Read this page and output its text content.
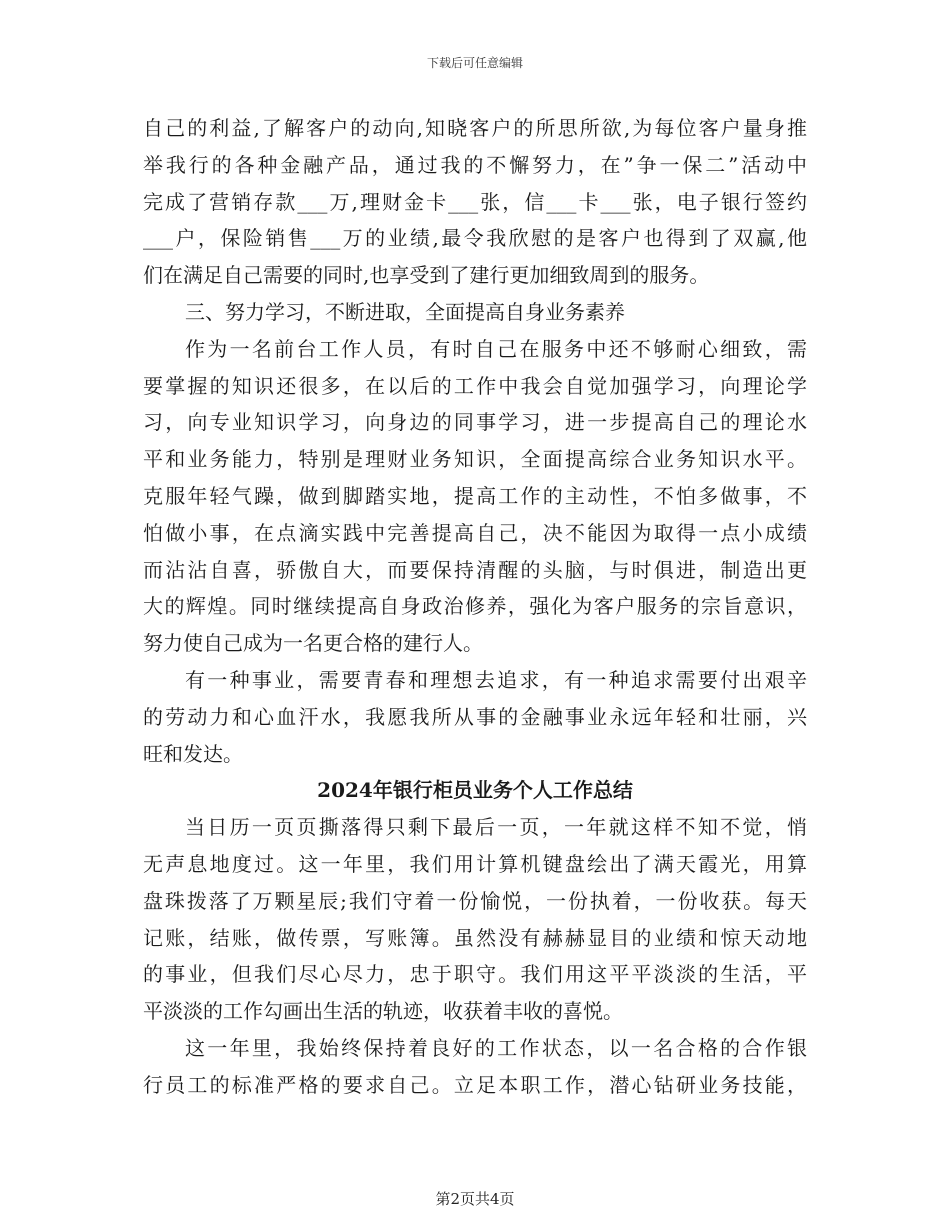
下载后可任意编辑
自己的利益,了解客户的动向,知晓客户的所思所欲,为每位客户量身推
举我行的各种金融产品，通过我的不懈努力，在”争一保二”活动中
完成了营销存款___万,理财金卡___张，信___卡___张，电子银行签约
___户，保险销售___万的业绩,最令我欣慰的是客户也得到了双赢,他
们在满足自己需要的同时,也享受到了建行更加细致周到的服务。
三、努力学习，不断进取，全面提高自身业务素养
作为一名前台工作人员，有时自己在服务中还不够耐心细致，需
要掌握的知识还很多，在以后的工作中我会自觉加强学习，向理论学
习，向专业知识学习，向身边的同事学习，进一步提高自己的理论水
平和业务能力，特别是理财业务知识，全面提高综合业务知识水平。
克服年轻气躁，做到脚踏实地，提高工作的主动性，不怕多做事，不
怕做小事，在点滴实践中完善提高自己，决不能因为取得一点小成绩
而沾沾自喜，骄傲自大，而要保持清醒的头脑，与时俱进，制造出更
大的辉煌。同时继续提高自身政治修养，强化为客户服务的宗旨意识，
努力使自己成为一名更合格的建行人。
有一种事业，需要青春和理想去追求，有一种追求需要付出艰辛
的劳动力和心血汗水，我愿我所从事的金融事业永远年轻和壮丽，兴
旺和发达。
2024年银行柜员业务个人工作总结
当日历一页页撕落得只剩下最后一页，一年就这样不知不觉，悄
无声息地度过。这一年里，我们用计算机键盘绘出了满天霞光，用算
盘珠拨落了万颗星辰;我们守着一份愉悦，一份执着，一份收获。每天
记账，结账，做传票，写账簿。虽然没有赫赫显目的业绩和惊天动地
的事业，但我们尽心尽力，忠于职守。我们用这平平淡淡的生活，平
平淡淡的工作勾画出生活的轨迹，收获着丰收的喜悦。
这一年里，我始终保持着良好的工作状态，以一名合格的合作银
行员工的标准严格的要求自己。立足本职工作，潜心钻研业务技能，
第2页共4页
